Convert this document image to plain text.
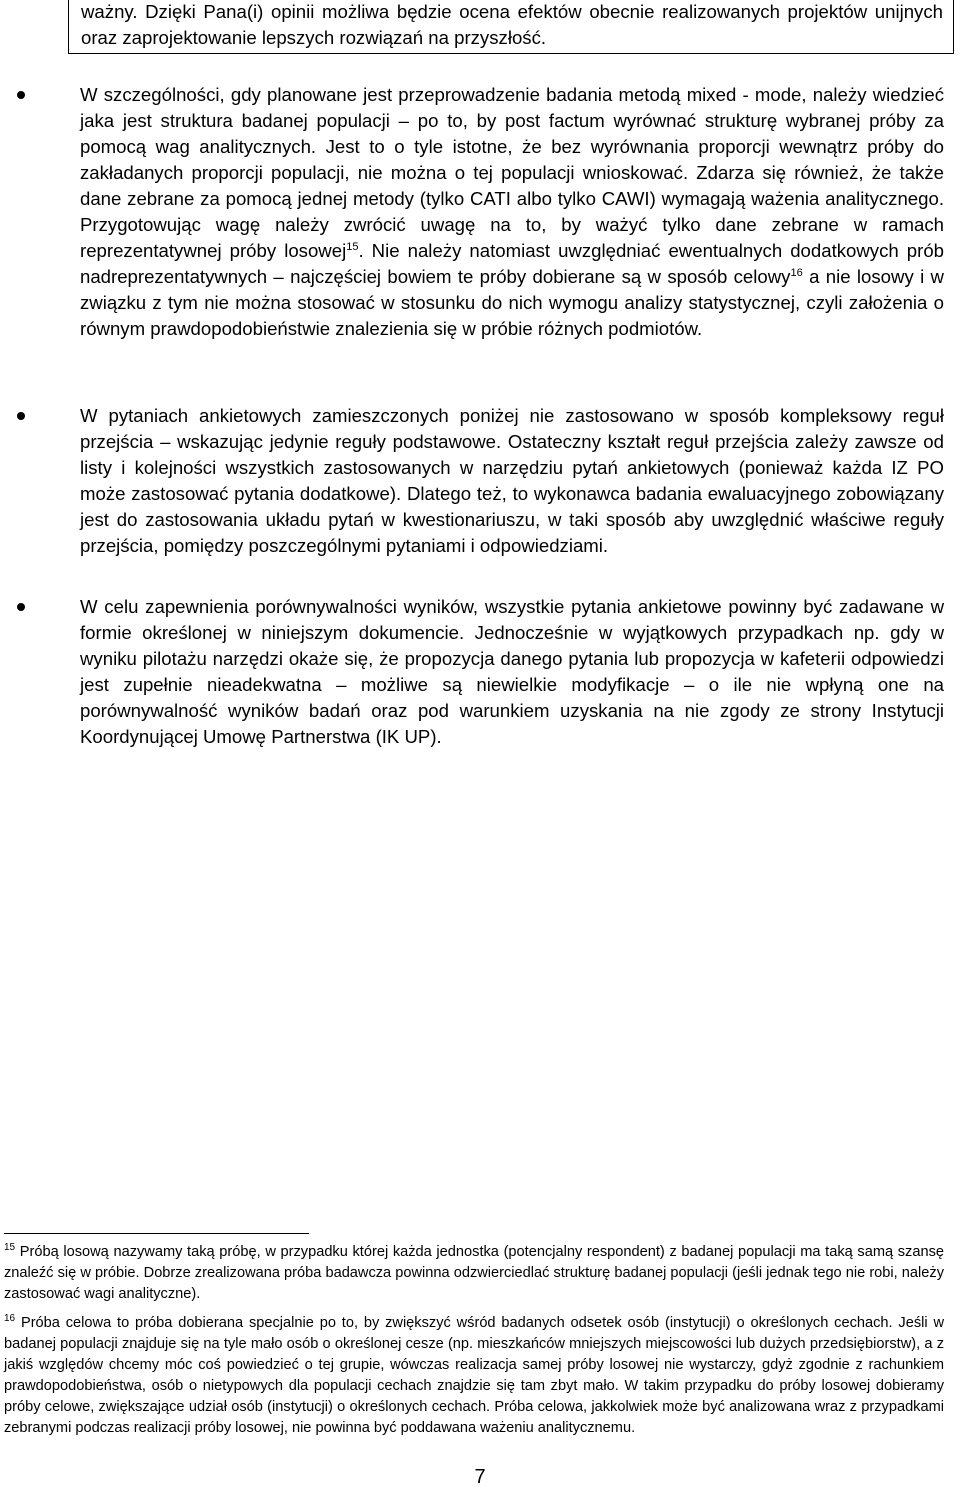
ważny. Dzięki Pana(i) opinii możliwa będzie ocena efektów obecnie realizowanych projektów unijnych oraz zaprojektowanie lepszych rozwiązań na przyszłość.
W szczególności, gdy planowane jest przeprowadzenie badania metodą mixed - mode, należy wiedzieć jaka jest struktura badanej populacji – po to, by post factum wyrównać strukturę wybranej próby za pomocą wag analitycznych. Jest to o tyle istotne, że bez wyrównania proporcji wewnątrz próby do zakładanych proporcji populacji, nie można o tej populacji wnioskować. Zdarza się również, że także dane zebrane za pomocą jednej metody (tylko CATI albo tylko CAWI) wymagają ważenia analitycznego. Przygotowując wagę należy zwrócić uwagę na to, by ważyć tylko dane zebrane w ramach reprezentatywnej próby losowej$^{15}$. Nie należy natomiast uwzględniać ewentualnych dodatkowych prób nadreprezentatywnych – najczęściej bowiem te próby dobierane są w sposób celowy$^{16}$ a nie losowy i w związku z tym nie można stosować w stosunku do nich wymogu analizy statystycznej, czyli założenia o równym prawdopodobieństwie znalezienia się w próbie różnych podmiotów.
W pytaniach ankietowych zamieszczonych poniżej nie zastosowano w sposób kompleksowy reguł przejścia – wskazując jedynie reguły podstawowe. Ostateczny kształt reguł przejścia zależy zawsze od listy i kolejności wszystkich zastosowanych w narzędziu pytań ankietowych (ponieważ każda IZ PO może zastosować pytania dodatkowe). Dlatego też, to wykonawca badania ewaluacyjnego zobowiązany jest do zastosowania układu pytań w kwestionariuszu, w taki sposób aby uwzględnić właściwe reguły przejścia, pomiędzy poszczególnymi pytaniami i odpowiedziami.
W celu zapewnienia porównywalności wyników, wszystkie pytania ankietowe powinny być zadawane w formie określonej w niniejszym dokumencie. Jednocześnie w wyjątkowych przypadkach np. gdy w wyniku pilotażu narzędzi okaże się, że propozycja danego pytania lub propozycja w kafeterii odpowiedzi jest zupełnie nieadekwatna – możliwe są niewielkie modyfikacje – o ile nie wpłyną one na porównywalność wyników badań oraz pod warunkiem uzyskania na nie zgody ze strony Instytucji Koordynującej Umowę Partnerstwa (IK UP).
$^{15}$ Próbą losową nazywamy taką próbę, w przypadku której każda jednostka (potencjalny respondent) z badanej populacji ma taką samą szansę znaleźć się w próbie. Dobrze zrealizowana próba badawcza powinna odzwierciedlać strukturę badanej populacji (jeśli jednak tego nie robi, należy zastosować wagi analityczne).
$^{16}$ Próba celowa to próba dobierana specjalnie po to, by zwiększyć wśród badanych odsetek osób (instytucji) o określonych cechach. Jeśli w badanej populacji znajduje się na tyle mało osób o określonej cesze (np. mieszkańców mniejszych miejscowości lub dużych przedsiębiorstw), a z jakiś względów chcemy móc coś powiedzieć o tej grupie, wówczas realizacja samej próby losowej nie wystarczy, gdyż zgodnie z rachunkiem prawdopodobieństwa, osób o nietypowych dla populacji cechach znajdzie się tam zbyt mało. W takim przypadku do próby losowej dobieramy próby celowe, zwiększające udział osób (instytucji) o określonych cechach. Próba celowa, jakkolwiek może być analizowana wraz z przypadkami zebranymi podczas realizacji próby losowej, nie powinna być poddawana ważeniu analitycznemu.
7
